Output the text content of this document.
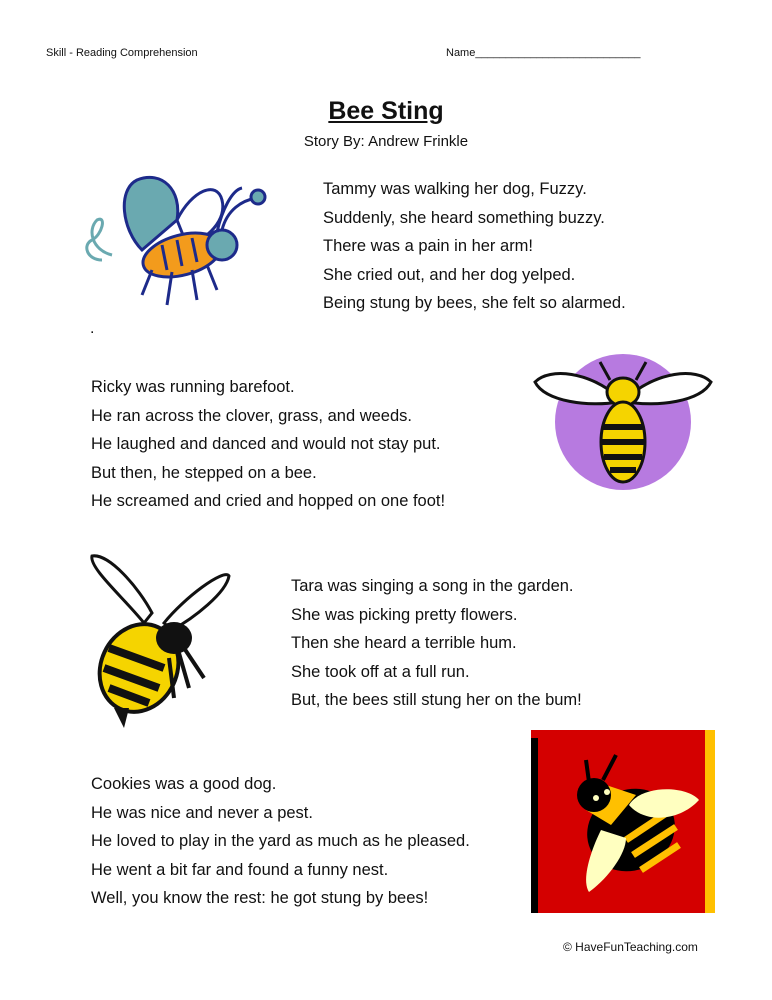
Skill - Reading Comprehension	Name___________________________
Bee Sting
Story By: Andrew Frinkle
Tammy was walking her dog, Fuzzy.
Suddenly, she heard something buzzy.
There was a pain in her arm!
She cried out, and her dog yelped.
Being stung by bees, she felt so alarmed.
.
Ricky was running barefoot.
He ran across the clover, grass, and weeds.
He laughed and danced and would not stay put.
But then, he stepped on a bee.
He screamed and cried and hopped on one foot!
Tara was singing a song in the garden.
She was picking pretty flowers.
Then she heard a terrible hum.
She took off at a full run.
But, the bees still stung her on the bum!
Cookies was a good dog.
He was nice and never a pest.
He loved to play in the yard as much as he pleased.
He went a bit far and found a funny nest.
Well, you know the rest: he got stung by bees!
© HaveFunTeaching.com
